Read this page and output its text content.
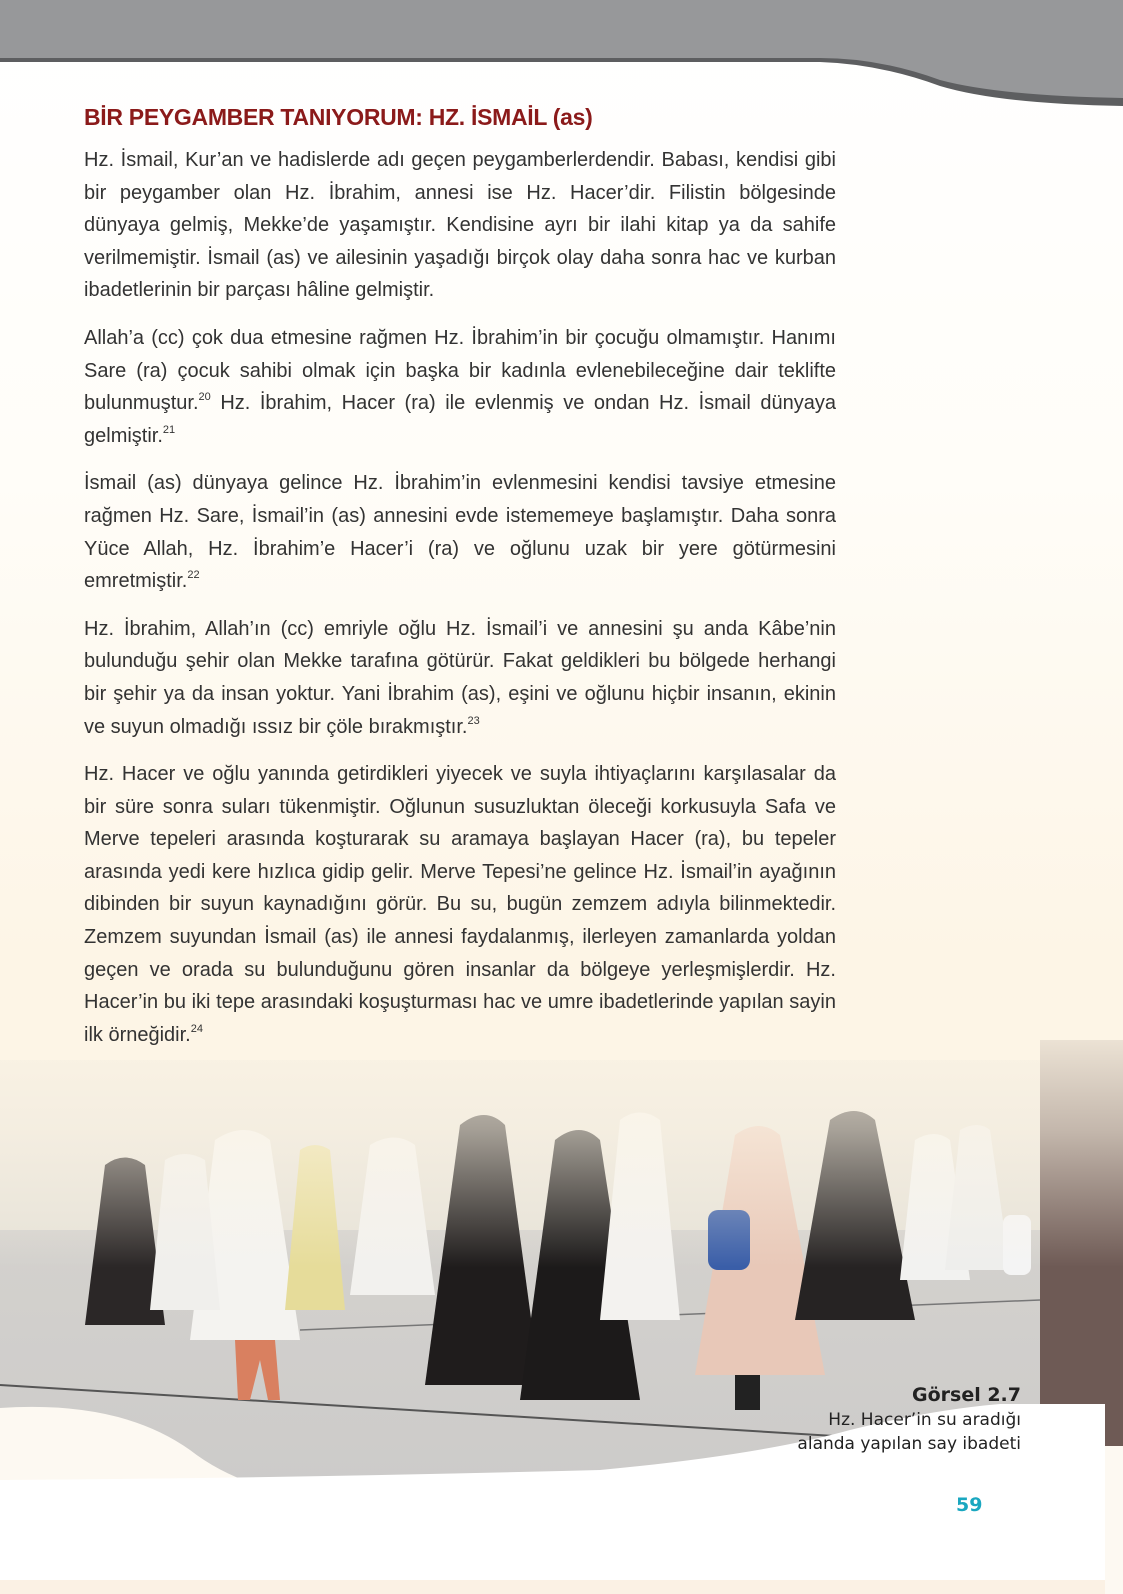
BİR PEYGAMBER TANIYORUM: HZ. İSMAİL (as)

Hz. İsmail, Kur’an ve hadislerde adı geçen peygamberlerdendir. Babası, kendisi gibi bir peygamber olan Hz. İbrahim, annesi ise Hz. Hacer’dir. Filistin bölgesinde dünyaya gelmiş, Mekke’de yaşamıştır. Kendisine ayrı bir ilahi kitap ya da sahife verilmemiştir. İsmail (as) ve ailesinin yaşadığı birçok olay daha sonra hac ve kurban ibadetlerinin bir parçası hâline gelmiştir.

Allah’a (cc) çok dua etmesine rağmen Hz. İbrahim’in bir çocuğu olmamıştır. Hanımı Sare (ra) çocuk sahibi olmak için başka bir kadınla evlenebileceğine dair teklifte bulunmuştur.$^{20}$ Hz. İbrahim, Hacer (ra) ile evlenmiş ve ondan Hz. İsmail dünyaya gelmiştir.$^{21}$

İsmail (as) dünyaya gelince Hz. İbrahim’in evlenmesini kendisi tavsiye etmesine rağmen Hz. Sare, İsmail’in (as) annesini evde istememeye başlamıştır. Daha sonra Yüce Allah, Hz. İbrahim’e Hacer’i (ra) ve oğlunu uzak bir yere götürmesini emretmiştir.$^{22}$

Hz. İbrahim, Allah’ın (cc) emriyle oğlu Hz. İsmail’i ve annesini şu anda Kâbe’nin bulunduğu şehir olan Mekke tarafına götürür. Fakat geldikleri bu bölgede herhangi bir şehir ya da insan yoktur. Yani İbrahim (as), eşini ve oğlunu hiçbir insanın, ekinin ve suyun olmadığı ıssız bir çöle bırakmıştır.$^{23}$

Hz. Hacer ve oğlu yanında getirdikleri yiyecek ve suyla ihtiyaçlarını karşılasalar da bir süre sonra suları tükenmiştir. Oğlunun susuzluktan öleceği korkusuyla Safa ve Merve tepeleri arasında koşturarak su aramaya başlayan Hacer (ra), bu tepeler arasında yedi kere hızlıca gidip gelir. Merve Tepesi’ne gelince Hz. İsmail’in ayağının dibinden bir suyun kaynadığını görür. Bu su, bugün zemzem adıyla bilinmektedir. Zemzem suyundan İsmail (as) ile annesi faydalanmış, ilerleyen zamanlarda yoldan geçen ve orada su bulunduğunu gören insanlar da bölgeye yerleşmişlerdir. Hz. Hacer’in bu iki tepe arasındaki koşuşturması hac ve umre ibadetlerinde yapılan sayin ilk örneğidir.$^{24}$

Görsel 2.7
Hz. Hacer’in su aradığı
alanda yapılan say ibadeti
59
